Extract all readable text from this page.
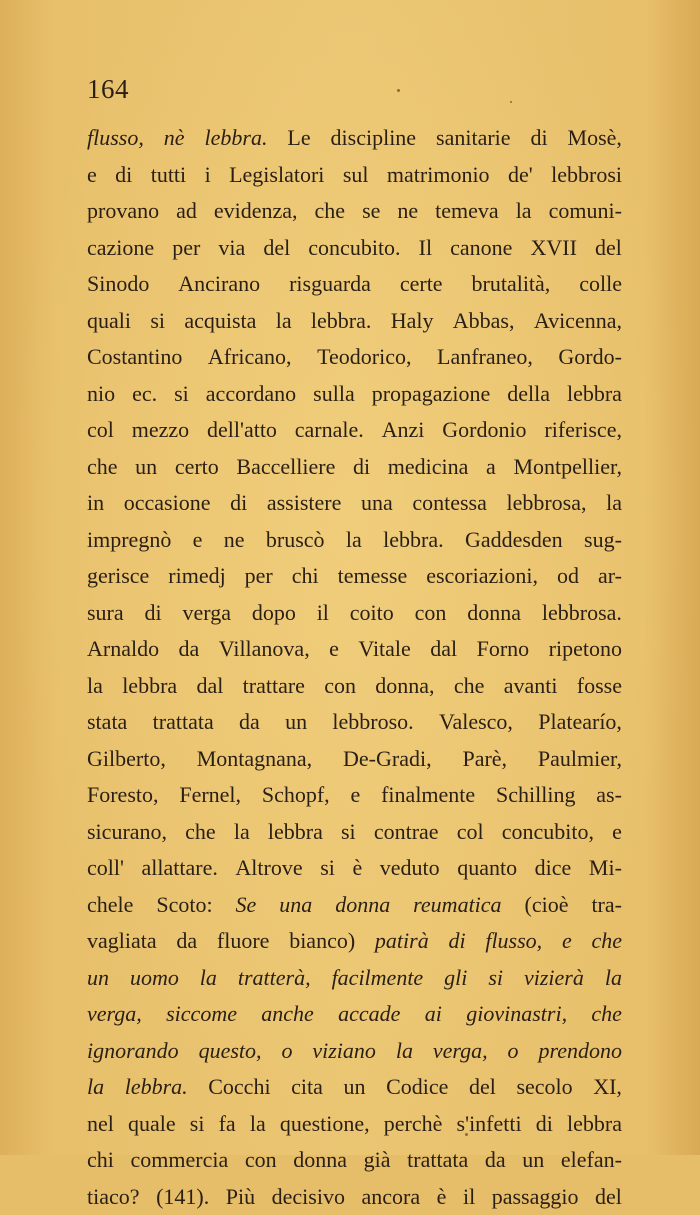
164
flusso, nè lebbra. Le discipline sanitarie di Mosè,
e di tutti i Legislatori sul matrimonio de' lebbrosi
provano ad evidenza, che se ne temeva la comuni-
cazione per via del concubito. Il canone XVII del
Sinodo Ancirano risguarda certe brutalità, colle
quali si acquista la lebbra. Haly Abbas, Avicenna,
Costantino Africano, Teodorico, Lanfraneo, Gordo-
nio ec. si accordano sulla propagazione della lebbra
col mezzo dell'atto carnale. Anzi Gordonio riferisce,
che un certo Baccelliere di medicina a Montpellier,
in occasione di assistere una contessa lebbrosa, la
impregnò e ne bruscò la lebbra. Gaddesden sug-
gerisce rimedj per chi temesse escoriazioni, od ar-
sura di verga dopo il coito con donna lebbrosa.
Arnaldo da Villanova, e Vitale dal Forno ripetono
la lebbra dal trattare con donna, che avanti fosse
stata trattata da un lebbroso. Valesco, Platearío,
Gilberto, Montagnana, De-Gradi, Parè, Paulmier,
Foresto, Fernel, Schopf, e finalmente Schilling as-
sicurano, che la lebbra si contrae col concubito, e
coll' allattare. Altrove si è veduto quanto dice Mi-
chele Scoto: Se una donna reumatica (cioè tra-
vagliata da fluore bianco) patirà di flusso, e che
un uomo la tratterà, facilmente gli si vizierà la
verga, siccome anche accade ai giovinastri, che
ignorando questo, o viziano la verga, o prendono
la lebbra. Cocchi cita un Codice del secolo XI,
nel quale si fa la questione, perchè s'infetti di lebbra
chi commercia con donna già trattata da un elefan-
tiaco? (141). Più decisivo ancora è il passaggio del
